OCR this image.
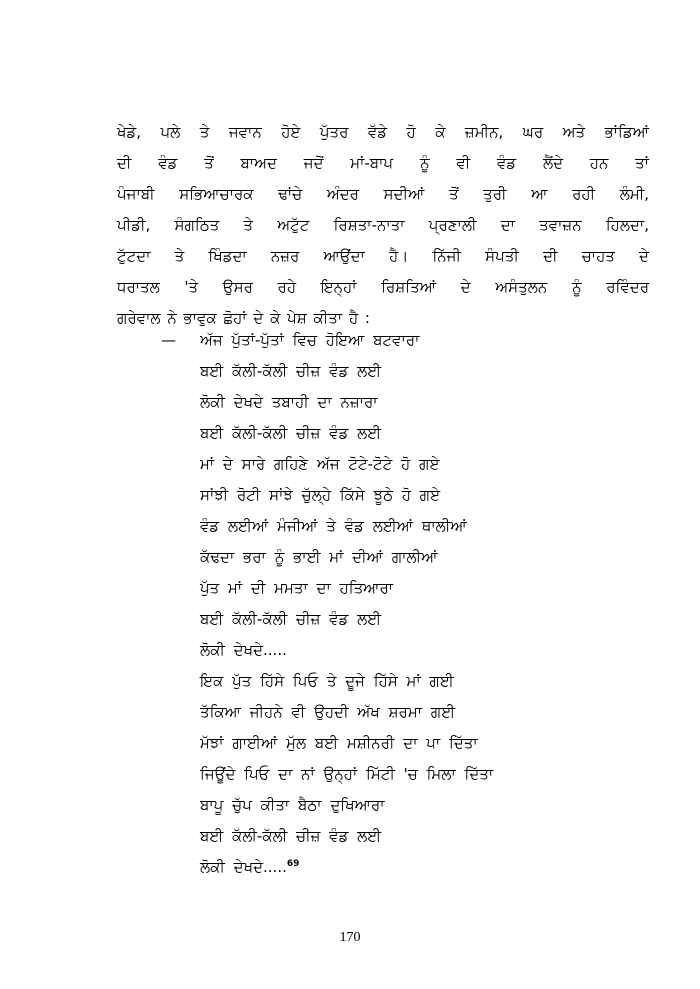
ਖੇਡੇ, ਪਲੇ ਤੇ ਜਵਾਨ ਹੋਏ ਪੁੱਤਰ ਵੱਡੇ ਹੋ ਕੇ ਜ਼ਮੀਨ, ਘਰ ਅਤੇ ਭਾਂਡਿਆਂ
ਦੀ ਵੰਡ ਤੋਂ ਬਾਅਦ ਜਦੋਂ ਮਾਂ-ਬਾਪ ਨੂੰ ਵੀ ਵੰਡ ਲੈਂਦੇ ਹਨ ਤਾਂ
ਪੰਜਾਬੀ ਸਭਿਆਚਾਰਕ ਢਾਂਚੇ ਅੰਦਰ ਸਦੀਆਂ ਤੋਂ ਤੁਰੀ ਆ ਰਹੀ ਲੰਮੀ,
ਪੀਡੀ, ਸੰਗਠਿਤ ਤੇ ਅਟੁੱਟ ਰਿਸ਼ਤਾ-ਨਾਤਾ ਪ੍ਰਣਾਲੀ ਦਾ ਤਵਾਜ਼ਨ ਹਿਲਦਾ,
ਟੁੱਟਦਾ ਤੇ ਖਿੰਡਦਾ ਨਜ਼ਰ ਆਉਂਦਾ ਹੈ। ਨਿੱਜੀ ਸੰਪਤੀ ਦੀ ਚਾਹਤ ਦੇ
ਧਰਾਤਲ 'ਤੇ ਉਸਰ ਰਹੇ ਇਨ੍ਹਾਂ ਰਿਸ਼ਤਿਆਂ ਦੇ ਅਸੰਤੁਲਨ ਨੂੰ ਰਵਿੰਦਰ
ਗਰੇਵਾਲ ਨੇ ਭਾਵੁਕ ਛੋਹਾਂ ਦੇ ਕੇ ਪੇਸ਼ ਕੀਤਾ ਹੈ :
— ਅੱਜ ਪੁੱਤਾਂ-ਪੁੱਤਾਂ ਵਿਚ ਹੋਇਆ ਬਟਵਾਰਾ
ਬਈ ਕੱਲੀ-ਕੱਲੀ ਚੀਜ਼ ਵੰਡ ਲਈ
ਲੋਕੀ ਦੇਖਦੇ ਤਬਾਹੀ ਦਾ ਨਜ਼ਾਰਾ
ਬਈ ਕੱਲੀ-ਕੱਲੀ ਚੀਜ਼ ਵੰਡ ਲਈ
ਮਾਂ ਦੇ ਸਾਰੇ ਗਹਿਣੇ ਅੱਜ ਟੋਟੇ-ਟੋਟੇ ਹੋ ਗਏ
ਸਾਂਝੀ ਰੋਟੀ ਸਾਂਝੇ ਚੁੱਲ੍ਹੇ ਕਿੱਸੇ ਝੂਠੇ ਹੋ ਗਏ
ਵੰਡ ਲਈਆਂ ਮੰਜੀਆਂ ਤੇ ਵੰਡ ਲਈਆਂ ਥਾਲੀਆਂ
ਕੱਢਦਾ ਭਰਾ ਨੂੰ ਭਾਈ ਮਾਂ ਦੀਆਂ ਗਾਲੀਆਂ
ਪੁੱਤ ਮਾਂ ਦੀ ਮਮਤਾ ਦਾ ਹਤਿਆਰਾ
ਬਈ ਕੱਲੀ-ਕੱਲੀ ਚੀਜ਼ ਵੰਡ ਲਈ
ਲੋਕੀ ਦੇਖਦੇ.....
ਇਕ ਪੁੱਤ ਹਿੱਸੇ ਪਿਓ ਤੇ ਦੂਜੇ ਹਿੱਸੇ ਮਾਂ ਗਈ
ਤੱਕਿਆ ਜੀਹਨੇ ਵੀ ਉਹਦੀ ਅੱਖ ਸ਼ਰਮਾ ਗਈ
ਮੱਝਾਂ ਗਾਈਆਂ ਮੁੱਲ ਬਈ ਮਸ਼ੀਨਰੀ ਦਾ ਪਾ ਦਿੱਤਾ
ਜਿਊਂਦੇ ਪਿਓ ਦਾ ਨਾਂ ਉਨ੍ਹਾਂ ਮਿੱਟੀ 'ਚ ਮਿਲਾ ਦਿੱਤਾ
ਬਾਪੂ ਚੁੱਪ ਕੀਤਾ ਬੈਠਾ ਦੁਖਿਆਰਾ
ਬਈ ਕੱਲੀ-ਕੱਲੀ ਚੀਜ਼ ਵੰਡ ਲਈ
ਲੋਕੀ ਦੇਖਦੇ.....$^{69}$
170
